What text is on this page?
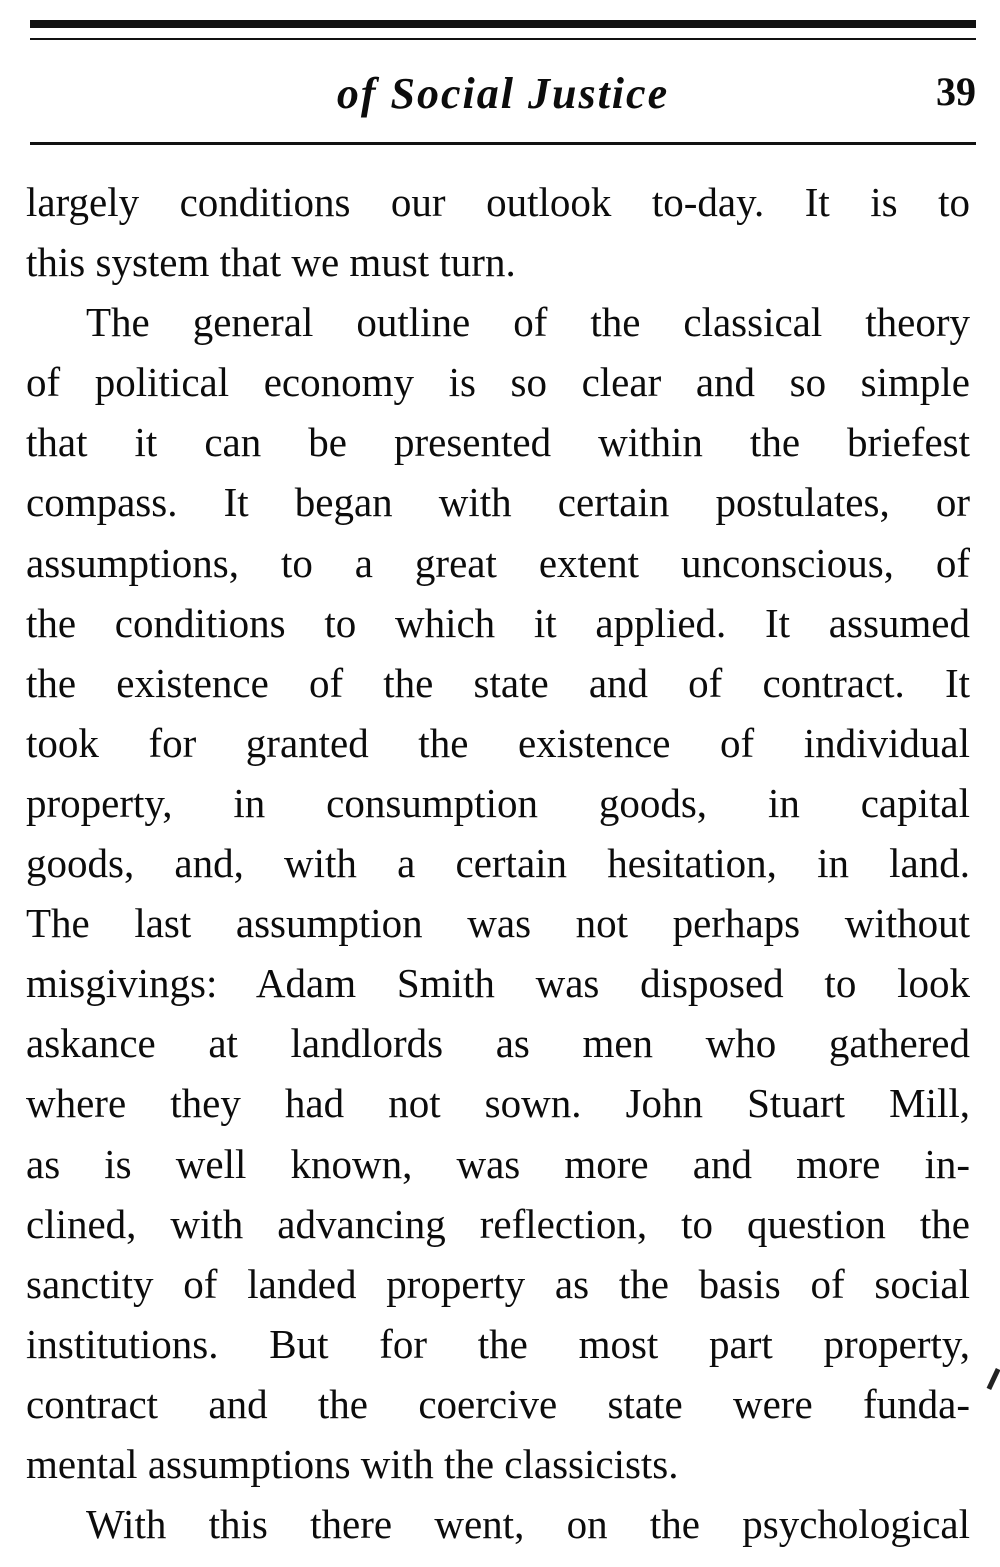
of Social Justice	39
largely conditions our outlook to-day. It is to
this system that we must turn.
The general outline of the classical theory
of political economy is so clear and so simple
that it can be presented within the briefest
compass. It began with certain postulates, or
assumptions, to a great extent unconscious, of
the conditions to which it applied. It assumed
the existence of the state and of contract. It
took for granted the existence of individual
property, in consumption goods, in capital
goods, and, with a certain hesitation, in land.
The last assumption was not perhaps without
misgivings: Adam Smith was disposed to look
askance at landlords as men who gathered
where they had not sown. John Stuart Mill,
as is well known, was more and more in-
clined, with advancing reflection, to question the
sanctity of landed property as the basis of social
institutions. But for the most part property,
contract and the coercive state were funda-
mental assumptions with the classicists.
With this there went, on the psychological
